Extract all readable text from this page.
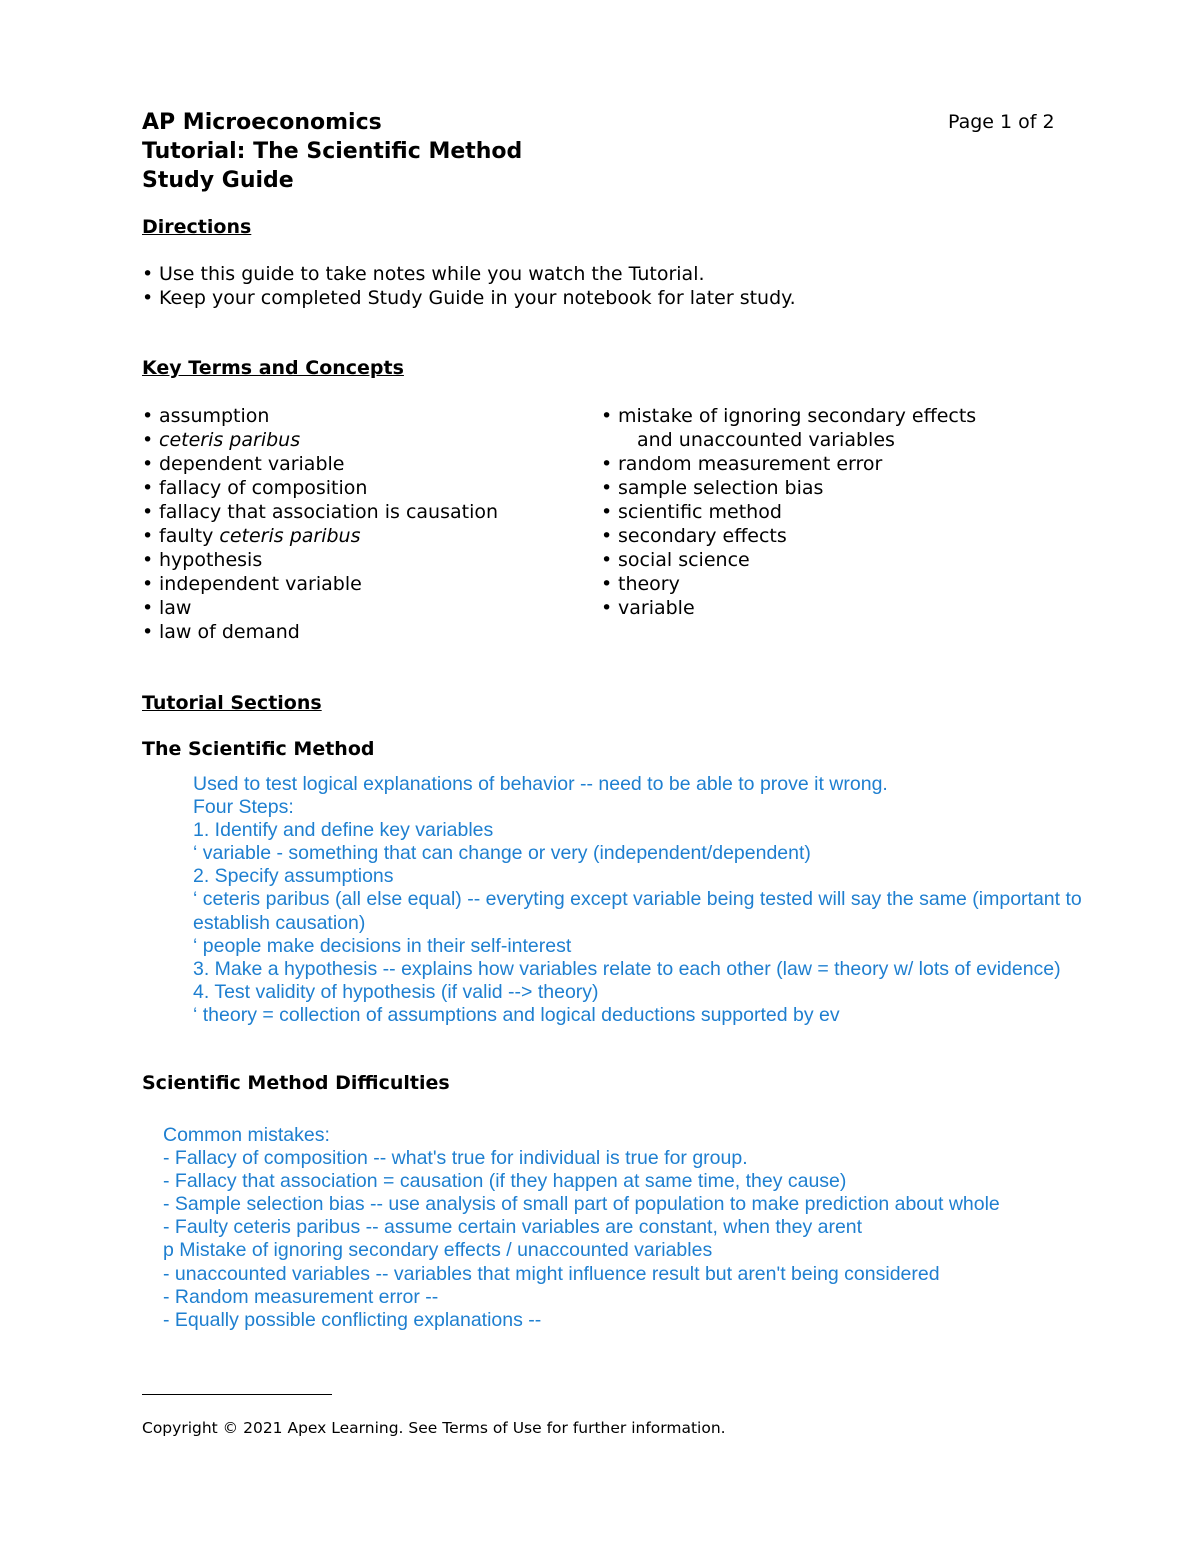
AP Microeconomics
Tutorial: The Scientific Method
Study Guide
Page 1 of 2
Directions
• Use this guide to take notes while you watch the Tutorial.
• Keep your completed Study Guide in your notebook for later study.
Key Terms and Concepts
• assumption
• ceteris paribus
• dependent variable
• fallacy of composition
• fallacy that association is causation
• faulty ceteris paribus
• hypothesis
• independent variable
• law
• law of demand
• mistake of ignoring secondary effects
and unaccounted variables
• random measurement error
• sample selection bias
• scientific method
• secondary effects
• social science
• theory
• variable
Tutorial Sections
The Scientific Method
Used to test logical explanations of behavior -- need to be able to prove it wrong.
Four Steps:
1. Identify and define key variables
‘ variable - something that can change or very (independent/dependent)
2. Specify assumptions
‘ ceteris paribus (all else equal) -- everyting except variable being tested will say the same (important to
establish causation)
‘ people make decisions in their self-interest
3. Make a hypothesis -- explains how variables relate to each other (law = theory w/ lots of evidence)
4. Test validity of hypothesis (if valid --> theory)
‘ theory = collection of assumptions and logical deductions supported by ev
Scientific Method Difficulties
Common mistakes:
- Fallacy of composition -- what's true for individual is true for group.
- Fallacy that association = causation (if they happen at same time, they cause)
- Sample selection bias -- use analysis of small part of population to make prediction about whole
- Faulty ceteris paribus -- assume certain variables are constant, when they arent
p Mistake of ignoring secondary effects / unaccounted variables
- unaccounted variables -- variables that might influence result but aren't being considered
- Random measurement error --
- Equally possible conflicting explanations --
Copyright © 2021 Apex Learning. See Terms of Use for further information.
